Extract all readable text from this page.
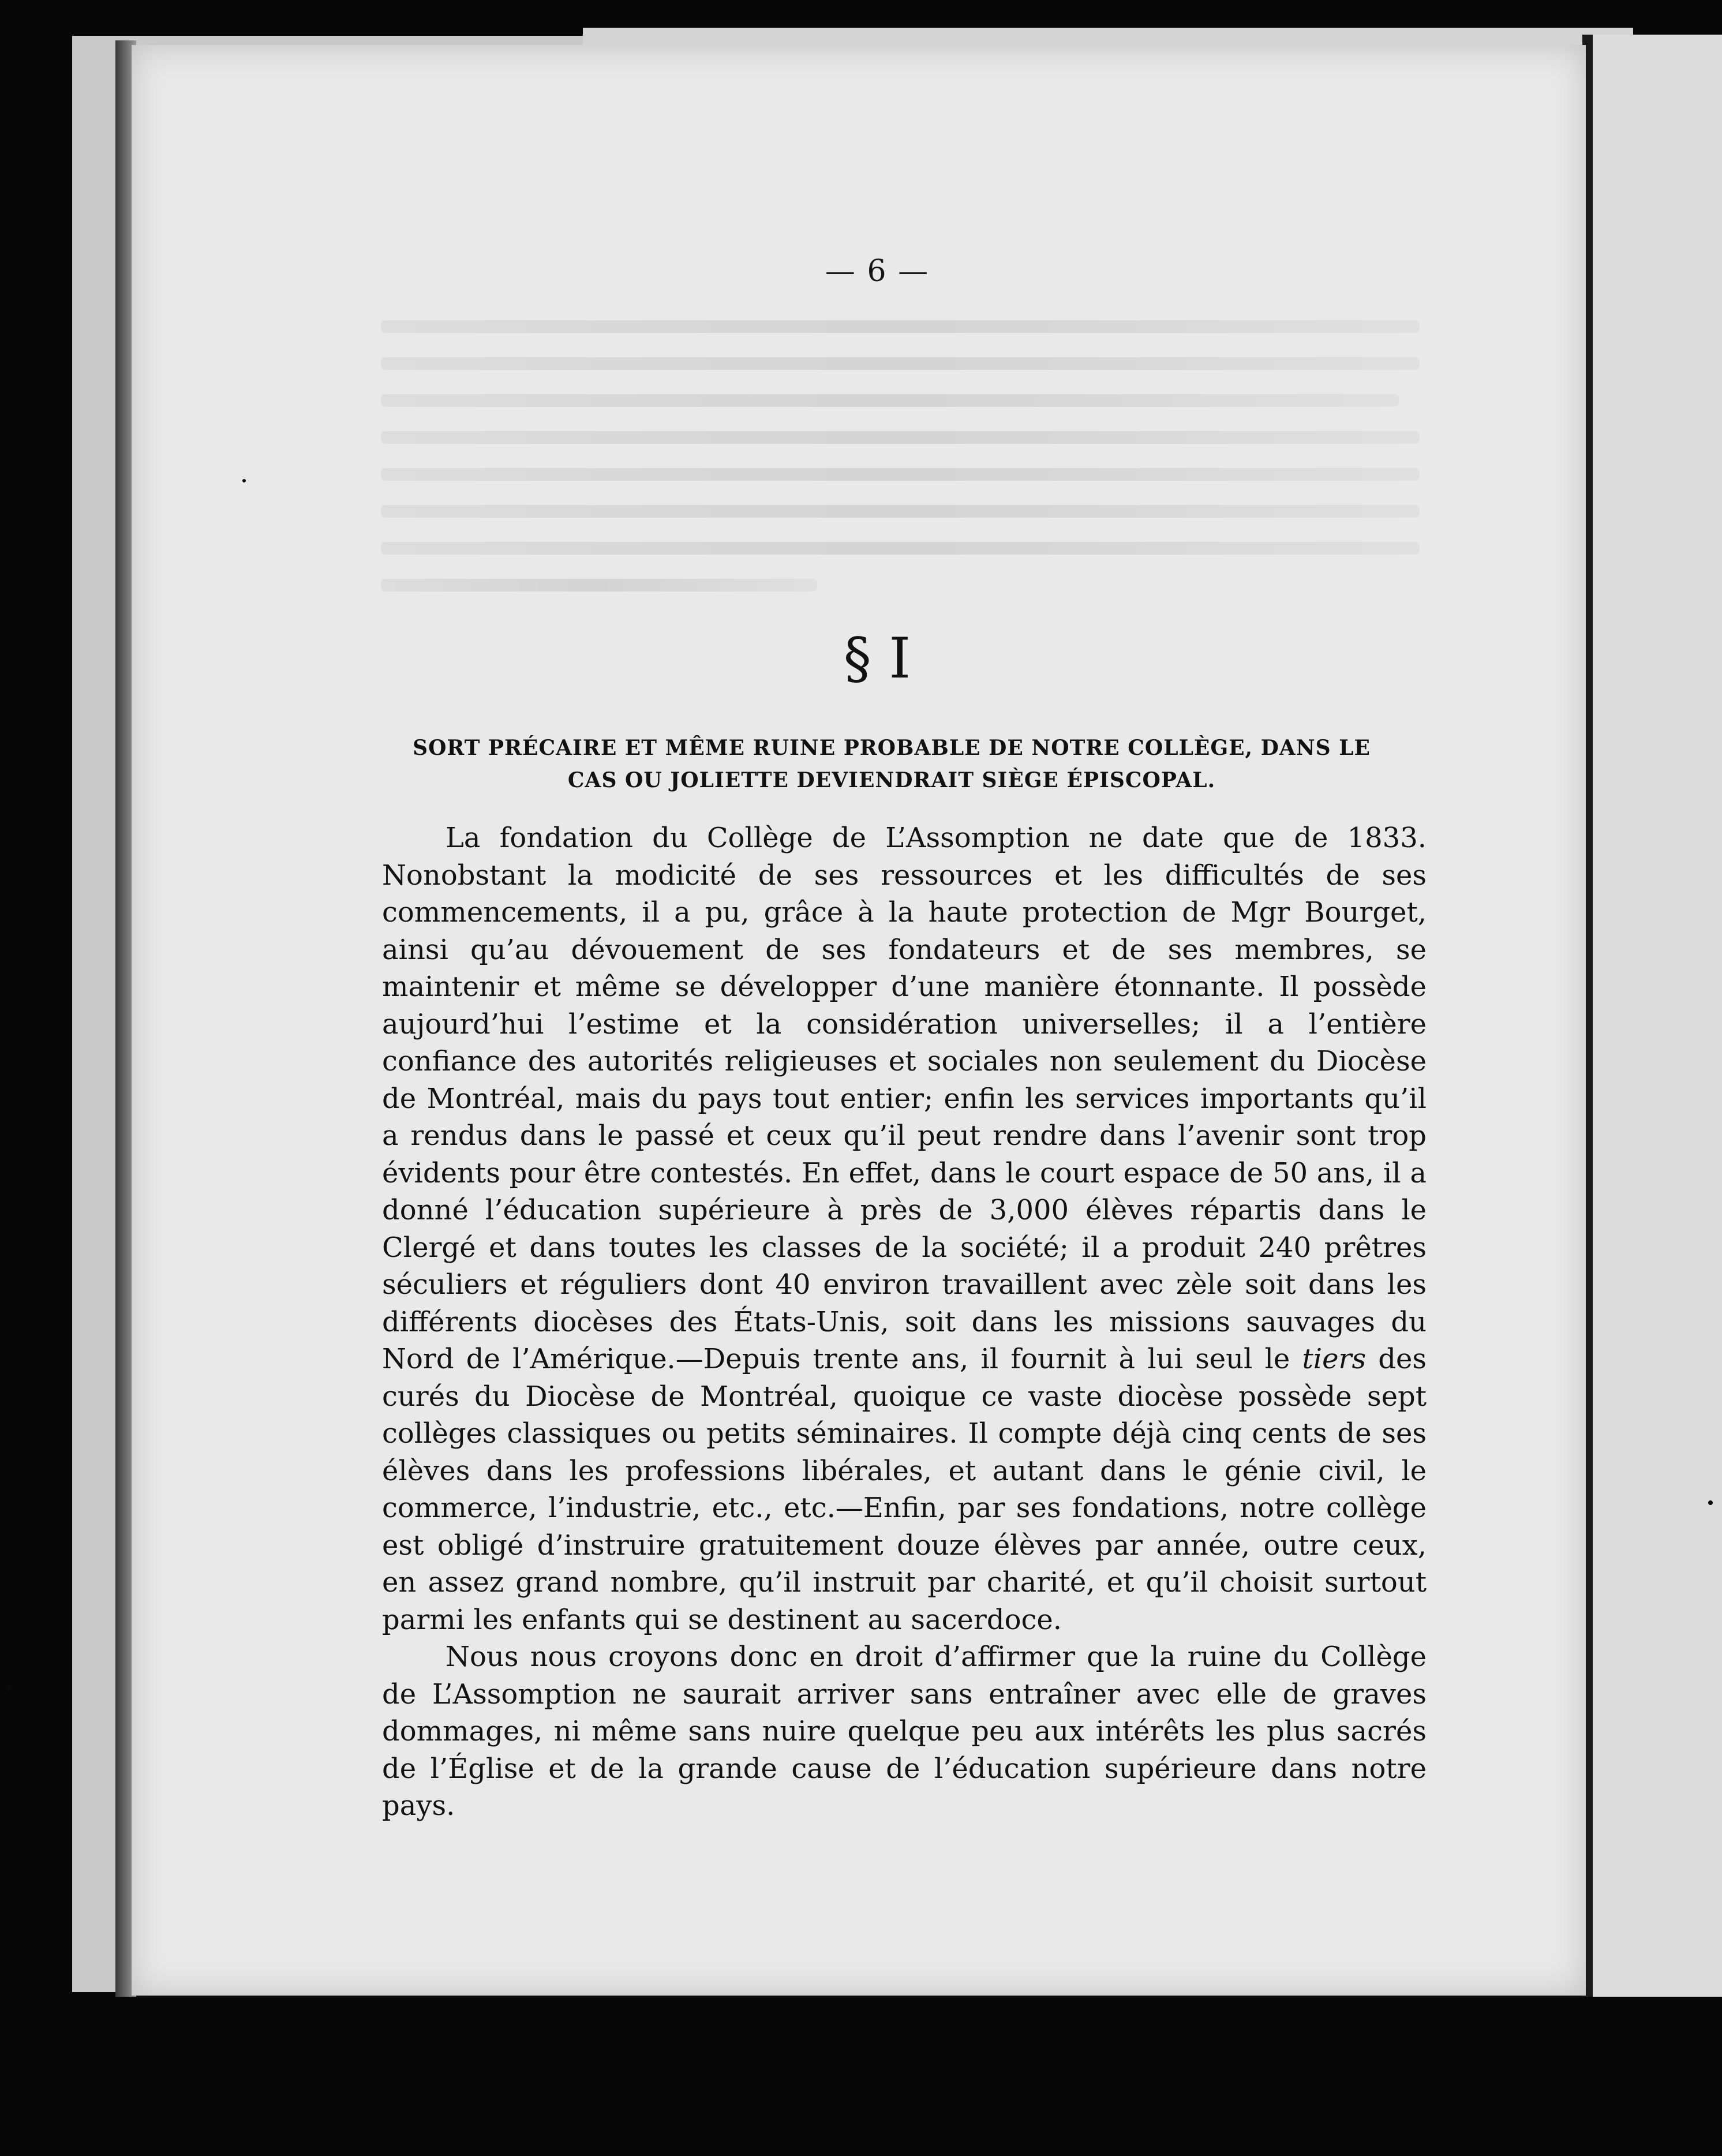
— 6 —
§ I
SORT PRÉCAIRE ET MÊME RUINE PROBABLE DE NOTRE COLLÈGE, DANS LE
CAS OU JOLIETTE DEVIENDRAIT SIÈGE ÉPISCOPAL.

La fondation du Collège de L’Assomption ne date que de 1833. Nonobstant la modicité de ses ressources et les difficultés de ses commencements, il a pu, grâce à la haute protection de Mgr Bourget, ainsi qu’au dévouement de ses fondateurs et de ses membres, se maintenir et même se développer d’une manière étonnante. Il possède aujourd’hui l’estime et la considération universelles; il a l’entière confiance des autorités religieuses et sociales non seulement du Diocèse de Montréal, mais du pays tout entier; enfin les services importants qu’il a rendus dans le passé et ceux qu’il peut rendre dans l’avenir sont trop évidents pour être contestés. En effet, dans le court espace de 50 ans, il a donné l’éducation supérieure à près de 3,000 élèves répartis dans le Clergé et dans toutes les classes de la société; il a produit 240 prêtres séculiers et réguliers dont 40 environ travaillent avec zèle soit dans les différents diocèses des États-Unis, soit dans les missions sauvages du Nord de l’Amérique.—Depuis trente ans, il fournit à lui seul le tiers des curés du Diocèse de Montréal, quoique ce vaste diocèse possède sept collèges classiques ou petits séminaires. Il compte déjà cinq cents de ses élèves dans les professions libérales, et autant dans le génie civil, le commerce, l’industrie, etc., etc.—Enfin, par ses fondations, notre collège est obligé d’instruire gratuitement douze élèves par année, outre ceux, en assez grand nombre, qu’il instruit par charité, et qu’il choisit surtout parmi les enfants qui se destinent au sacerdoce.

Nous nous croyons donc en droit d’affirmer que la ruine du Collège de L’Assomption ne saurait arriver sans entraîner avec elle de graves dommages, ni même sans nuire quelque peu aux intérêts les plus sacrés de l’Église et de la grande cause de l’éducation supérieure dans notre pays.
